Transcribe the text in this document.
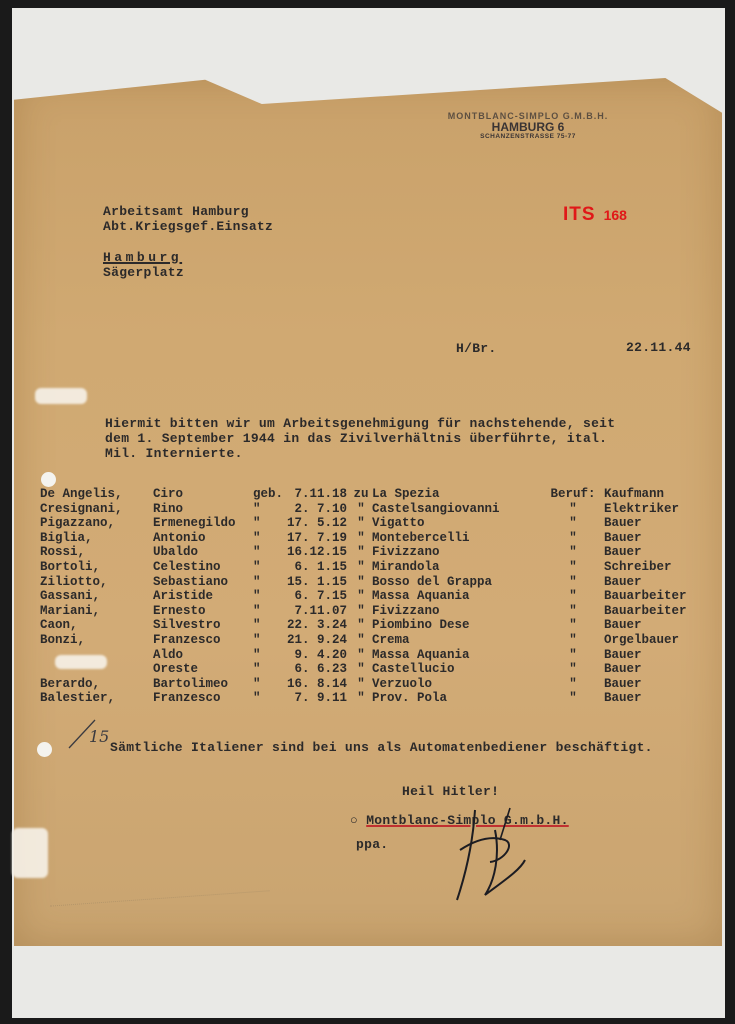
MONTBLANC-SIMPLO G.M.B.H.
HAMBURG 6
SCHANZENSTRASSE 75-77
ITS 168
Arbeitsamt Hamburg
Abt.Kriegsgef.Einsatz
Hamburg
Sägerplatz
H/Br.	22.11.44
Hiermit bitten wir um Arbeitsgenehmigung für nachstehende, seit
dem 1. September 1944 in das Zivilverhältnis überführte, ital.
Mil. Internierte.
De Angelis,	Ciro	geb.	7.11.18	zu	La Spezia	Beruf:	Kaufmann
Cresignani,	Rino	"	2. 7.10	"	Castelsangiovanni	"	Elektriker
Pigazzano,	Ermenegildo	"	17. 5.12	"	Vigatto	"	Bauer
Biglia,	Antonio	"	17. 7.19	"	Montebercelli	"	Bauer
Rossi,	Ubaldo	"	16.12.15	"	Fivizzano	"	Bauer
Bortoli,	Celestino	"	6. 1.15	"	Mirandola	"	Schreiber
Ziliotto,	Sebastiano	"	15. 1.15	"	Bosso del Grappa	"	Bauer
Gassani,	Aristide	"	6. 7.15	"	Massa Aquania	"	Bauarbeiter
Mariani,	Ernesto	"	7.11.07	"	Fivizzano	"	Bauarbeiter
Caon,	Silvestro	"	22. 3.24	"	Piombino Dese	"	Bauer
Bonzi,	Franzesco	"	21. 9.24	"	Crema	"	Orgelbauer
	Aldo	"	9. 4.20	"	Massa Aquania	"	Bauer
	Oreste	"	6. 6.23	"	Castellucio	"	Bauer
Berardo,	Bartolimeo	"	16. 8.14	"	Verzuolo	"	Bauer
Balestier,	Franzesco	"	7. 9.11	"	Prov. Pola	"	Bauer
Sämtliche Italiener sind bei uns als Automatenbediener beschäftigt.
Heil Hitler!
○ Montblanc-Simplo G.m.b.H.
ppa.
15
